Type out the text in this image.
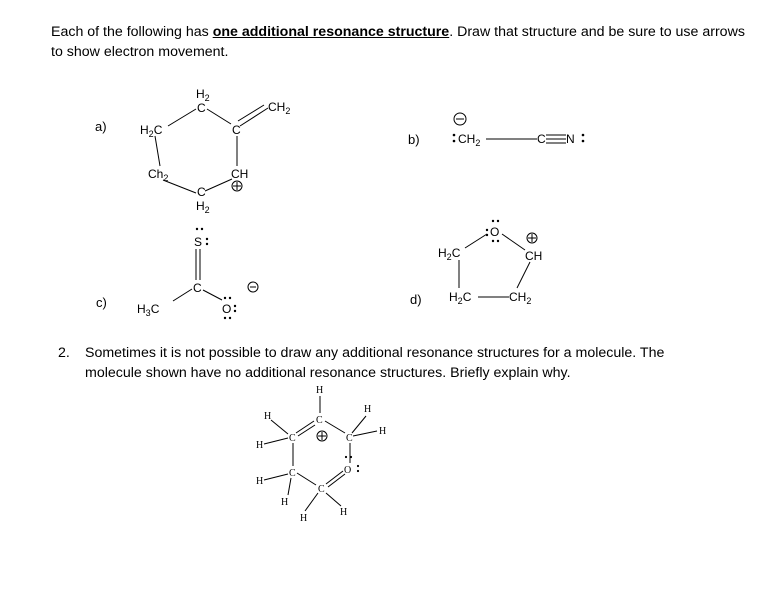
Each of the following has one additional resonance structure. Draw that structure and be sure to use arrows to show electron movement.
a)
$H_2$
C
$H_2C$	C
$CH_2$
$Ch_2$	CH
C
$H_2$
b)	$CH_2$	C N
c)
S
C
O
$H_3C$
d)
O
$H_2C$	CH
$H_2C$	$CH_2$
H
C
C
H
H
C
H
H
C
H
H
O
C
H
H
2. Sometimes it is not possible to draw any additional resonance structures for a molecule. The molecule shown have no additional resonance structures. Briefly explain why.
